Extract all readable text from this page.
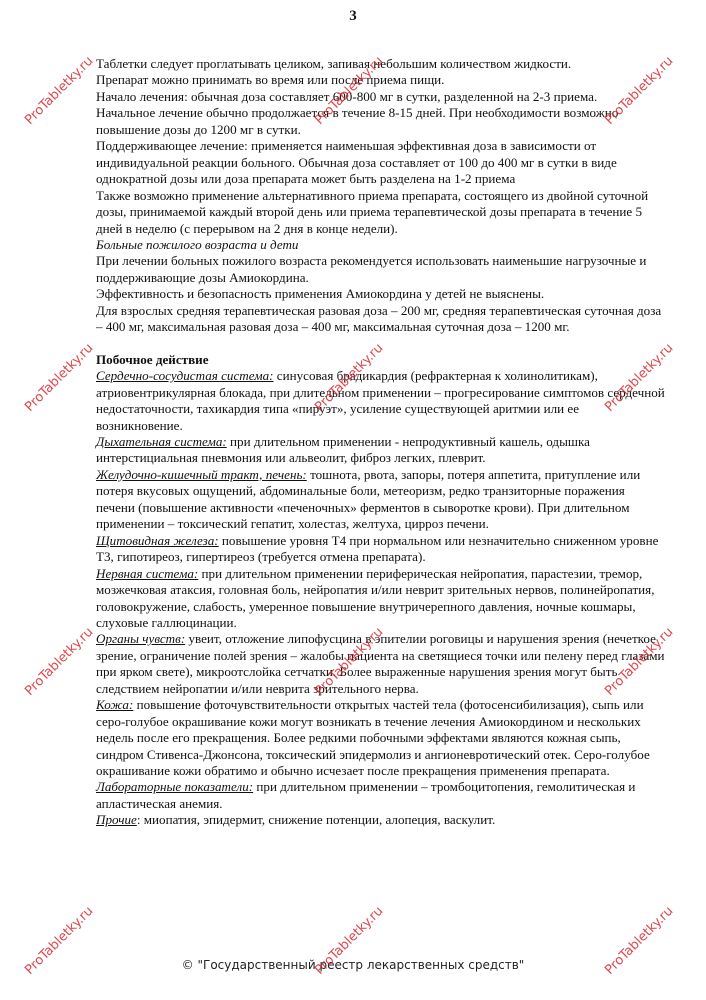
3

Таблетки следует проглатывать целиком, запивая небольшим количеством жидкости.

Препарат можно принимать во время или после приема пищи.

Начало лечения: обычная доза составляет 600-800 мг в сутки, разделенной на 2-3 приема.

Начальное лечение обычно продолжается в течение 8-15 дней. При необходимости возможно повышение дозы до 1200 мг в сутки.

Поддерживающее лечение: применяется наименьшая эффективная доза в зависимости от индивидуальной реакции больного. Обычная доза составляет от 100 до 400 мг в сутки в виде однократной дозы или доза препарата может быть разделена на 1-2 приема

Также возможно применение альтернативного приема препарата, состоящего из двойной суточной дозы, принимаемой каждый второй день или приема терапевтической дозы препарата в течение 5 дней в неделю (с перерывом на 2 дня в конце недели).

Больные пожилого возраста и дети

При лечении больных пожилого возраста рекомендуется использовать наименьшие нагрузочные и поддерживающие дозы Амиокордина.

Эффективность и безопасность применения Амиокордина у детей не выяснены.

Для взрослых средняя терапевтическая разовая доза – 200 мг, средняя терапевтическая суточная доза – 400 мг, максимальная разовая доза – 400 мг, максимальная суточная доза – 1200 мг.

Побочное действие

Сердечно-сосудистая система: синусовая брадикардия (рефрактерная к холинолитикам), атриовентрикулярная блокада, при длительном применении – прогресирование симптомов сердечной недостаточности, тахикардия типа «пируэт», усиление существующей аритмии или ее возникновение.

Дыхательная система: при длительном применении - непродуктивный кашель, одышка интерстициальная пневмония или альвеолит, фиброз легких, плеврит.

Желудочно-кишечный тракт, печень: тошнота, рвота, запоры, потеря аппетита, притупление или потеря вкусовых ощущений, абдоминальные боли, метеоризм, редко транзиторные поражения печени (повышение активности «печеночных» ферментов в сыворотке крови). При длительном применении – токсический гепатит, холестаз, желтуха, цирроз печени.

Щитовидная железа: повышение уровня Т4 при нормальном или незначительно сниженном уровне Т3, гипотиреоз, гипертиреоз (требуется отмена препарата).

Нервная система: при длительном применении периферическая нейропатия, парастезии, тремор, мозжечковая атаксия, головная боль, нейропатия и/или неврит зрительных нервов, полинейропатия, головокружение, слабость, умеренное повышение внутричерепного давления, ночные кошмары, слуховые галлюцинации.

Органы чувств: увеит, отложение липофусцина в эпителии роговицы и нарушения зрения (нечеткое зрение, ограничение полей зрения – жалобы пациента на светящиеся точки или пелену перед глазами при ярком свете), микроотслойка сетчатки. Более выраженные нарушения зрения могут быть следствием нейропатии и/или неврита зрительного нерва.

Кожа: повышение фоточувствительности открытых частей тела (фотосенсибилизация), сыпь или серо-голубое окрашивание кожи могут возникать в течение лечения Амиокордином и нескольких недель после его прекращения. Более редкими побочными эффектами являются кожная сыпь, синдром Стивенса-Джонсона, токсический эпидермолиз и ангионевротический отек. Серо-голубое окрашивание кожи обратимо и обычно исчезает после прекращения применения препарата.

Лабораторные показатели: при длительном применении – тромбоцитопения, гемолитическая и апластическая анемия.

Прочие: миопатия, эпидермит, снижение потенции, алопеция, васкулит.

© "Государственный реестр лекарственных средств"
ProTabletky.ru	ProTabletky.ru	ProTabletky.ru
ProTabletky.ru	ProTabletky.ru	ProTabletky.ru
ProTabletky.ru	ProTabletky.ru	ProTabletky.ru
ProTabletky.ru	ProTabletky.ru	ProTabletky.ru
